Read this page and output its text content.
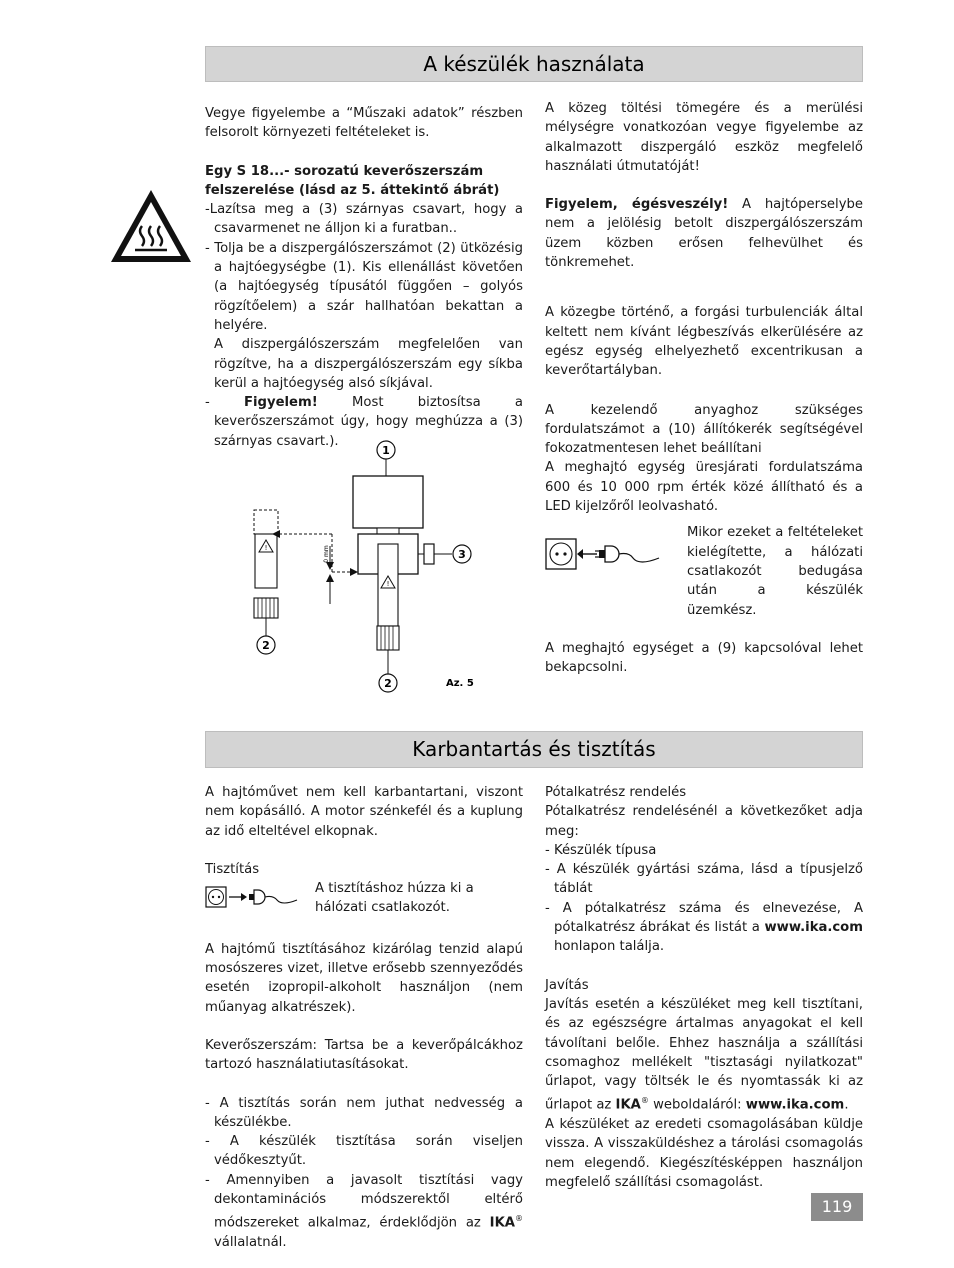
A készülék használata

Vegye figyelembe a “Műszaki adatok” részben felsorolt környezeti feltételeket is.

Egy S 18...- sorozatú keverőszerszám felszerelése (lásd az 5. áttekintő ábrát)

-Lazítsa meg a (3) szárnyas csavart, hogy a csavarmenet ne álljon ki a furatban..

- Tolja be a diszpergálószerszámot (2) ütközésig a hajtóegységbe (1). Kis ellenállást követően (a hajtóegység típusától függően – golyós rögzítőelem) a szár hallhatóan bekattan a helyére.

A diszpergálószerszám megfelelően van rögzítve, ha a diszpergálószerszám egy síkba kerül a hajtóegység alsó síkjával.

- Figyelem! Most biztosítsa a keverőszerszámot úgy, hogy meghúzza a (3) szárnyas csavart.).

1
3
!
2
!
2
0 mm
Az. 5

A közeg töltési tömegére és a merülési mélységre vonatkozóan vegye figyelembe az alkalmazott diszpergáló eszköz megfelelő használati útmutatóját!

Figyelem, égésveszély! A hajtóperselybe nem a jelölésig betolt diszpergálószerszám üzem közben erősen felhevülhet és tönkremehet.

A közegbe történő, a forgási turbulenciák által keltett nem kívánt légbeszívás elkerülésére az egész egység elhelyezhető excentrikusan a keverőtartályban.

A kezelendő anyaghoz szükséges fordulatszámot a (10) állítókerék segítségével fokozatmentesen lehet beállítani

A meghajtó egység üresjárati fordulatszáma 600 és 10 000 rpm érték közé állítható és a LED kijelzőről leolvasható.

Mikor ezeket a feltételeket kielégítette, a hálózati csatlakozót bedugása után a készülék üzemkész.

A meghajtó egységet a (9) kapcsolóval lehet bekapcsolni.

Karbantartás és tisztítás

A hajtóművet nem kell karbantartani, viszont nem kopásálló. A motor szénkefél és a kuplung az idő elteltével elkopnak.

Tisztítás

A tisztításhoz húzza ki a hálózati csatlakozót.

A hajtómű tisztításához kizárólag tenzid alapú mosószeres vizet, illetve erősebb szennyeződés esetén izopropil-alkoholt használjon (nem műanyag alkatrészek).

Keverőszerszám: Tartsa be a keverőpálcákhoz tartozó használatiutasításokat.

- A tisztítás során nem juthat nedvesség a készülékbe.

- A készülék tisztítása során viseljen védőkesztyűt.

- Amennyiben a javasolt tisztítási vagy dekontaminációs módszerektől eltérő módszereket alkalmaz, érdeklődjön az IKA® vállalatnál.

Pótalkatrész rendelés

Pótalkatrész rendelésénél a következőket adja meg:

- Készülék típusa

- A készülék gyártási száma, lásd a típusjelző táblát

- A pótalkatrész száma és elnevezése, A pótalkatrész ábrákat és listát a www.ika.com honlapon találja.

Javítás

Javítás esetén a készüléket meg kell tisztítani, és az egészségre ártalmas anyagokat el kell távolítani belőle. Ehhez használja a szállítási csomaghoz mellékelt "tisztasági nyilatkozat" űrlapot, vagy töltsék le és nyomtassák ki az űrlapot az IKA® weboldaláról: www.ika.com.

A készüléket az eredeti csomagolásában küldje vissza. A visszaküldéshez a tárolási csomagolás nem elegendő. Kiegészítésképpen használjon megfelelő szállítási csomagolást.

119
